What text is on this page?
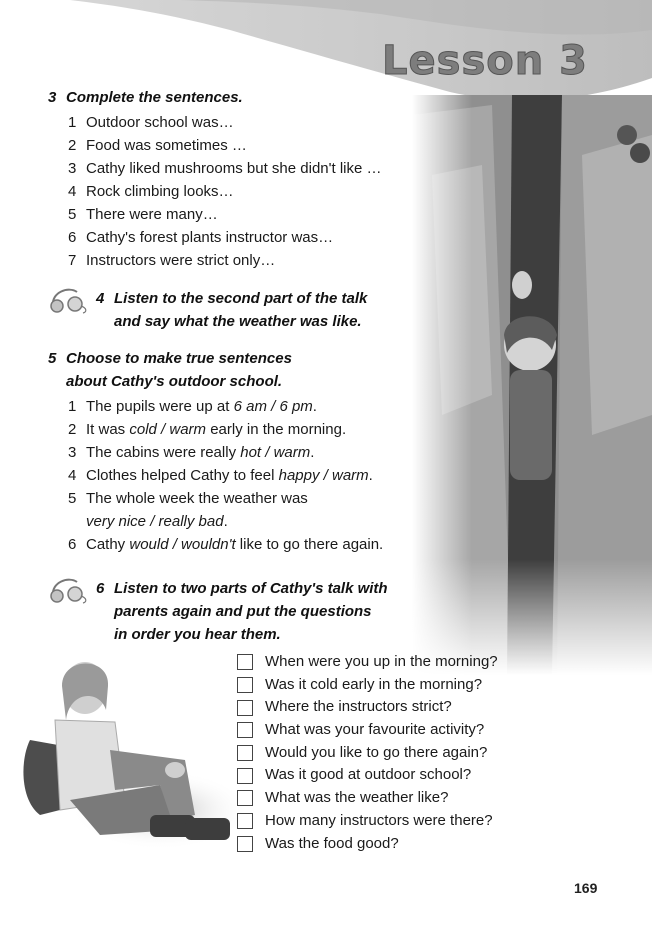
Lesson 3
3 Complete the sentences.
1 Outdoor school was…
2 Food was sometimes …
3 Cathy liked mushrooms but she didn't like …
4 Rock climbing looks…
5 There were many…
6 Cathy's forest plants instructor was…
7 Instructors were strict only…
4 Listen to the second part of the talk
and say what the weather was like.
5 Choose to make true sentences
about Cathy's outdoor school.
1 The pupils were up at 6 am / 6 pm.
2 It was cold / warm early in the morning.
3 The cabins were really hot / warm.
4 Clothes helped Cathy to feel happy / warm.
5 The whole week the weather was
very nice / really bad.
6 Cathy would / wouldn't like to go there again.
6 Listen to two parts of Cathy's talk with
parents again and put the questions
in order you hear them.
When were you up in the morning?
Was it cold early in the morning?
Where the instructors strict?
What was your favourite activity?
Would you like to go there again?
Was it good at outdoor school?
What was the weather like?
How many instructors were there?
Was the food good?
169
